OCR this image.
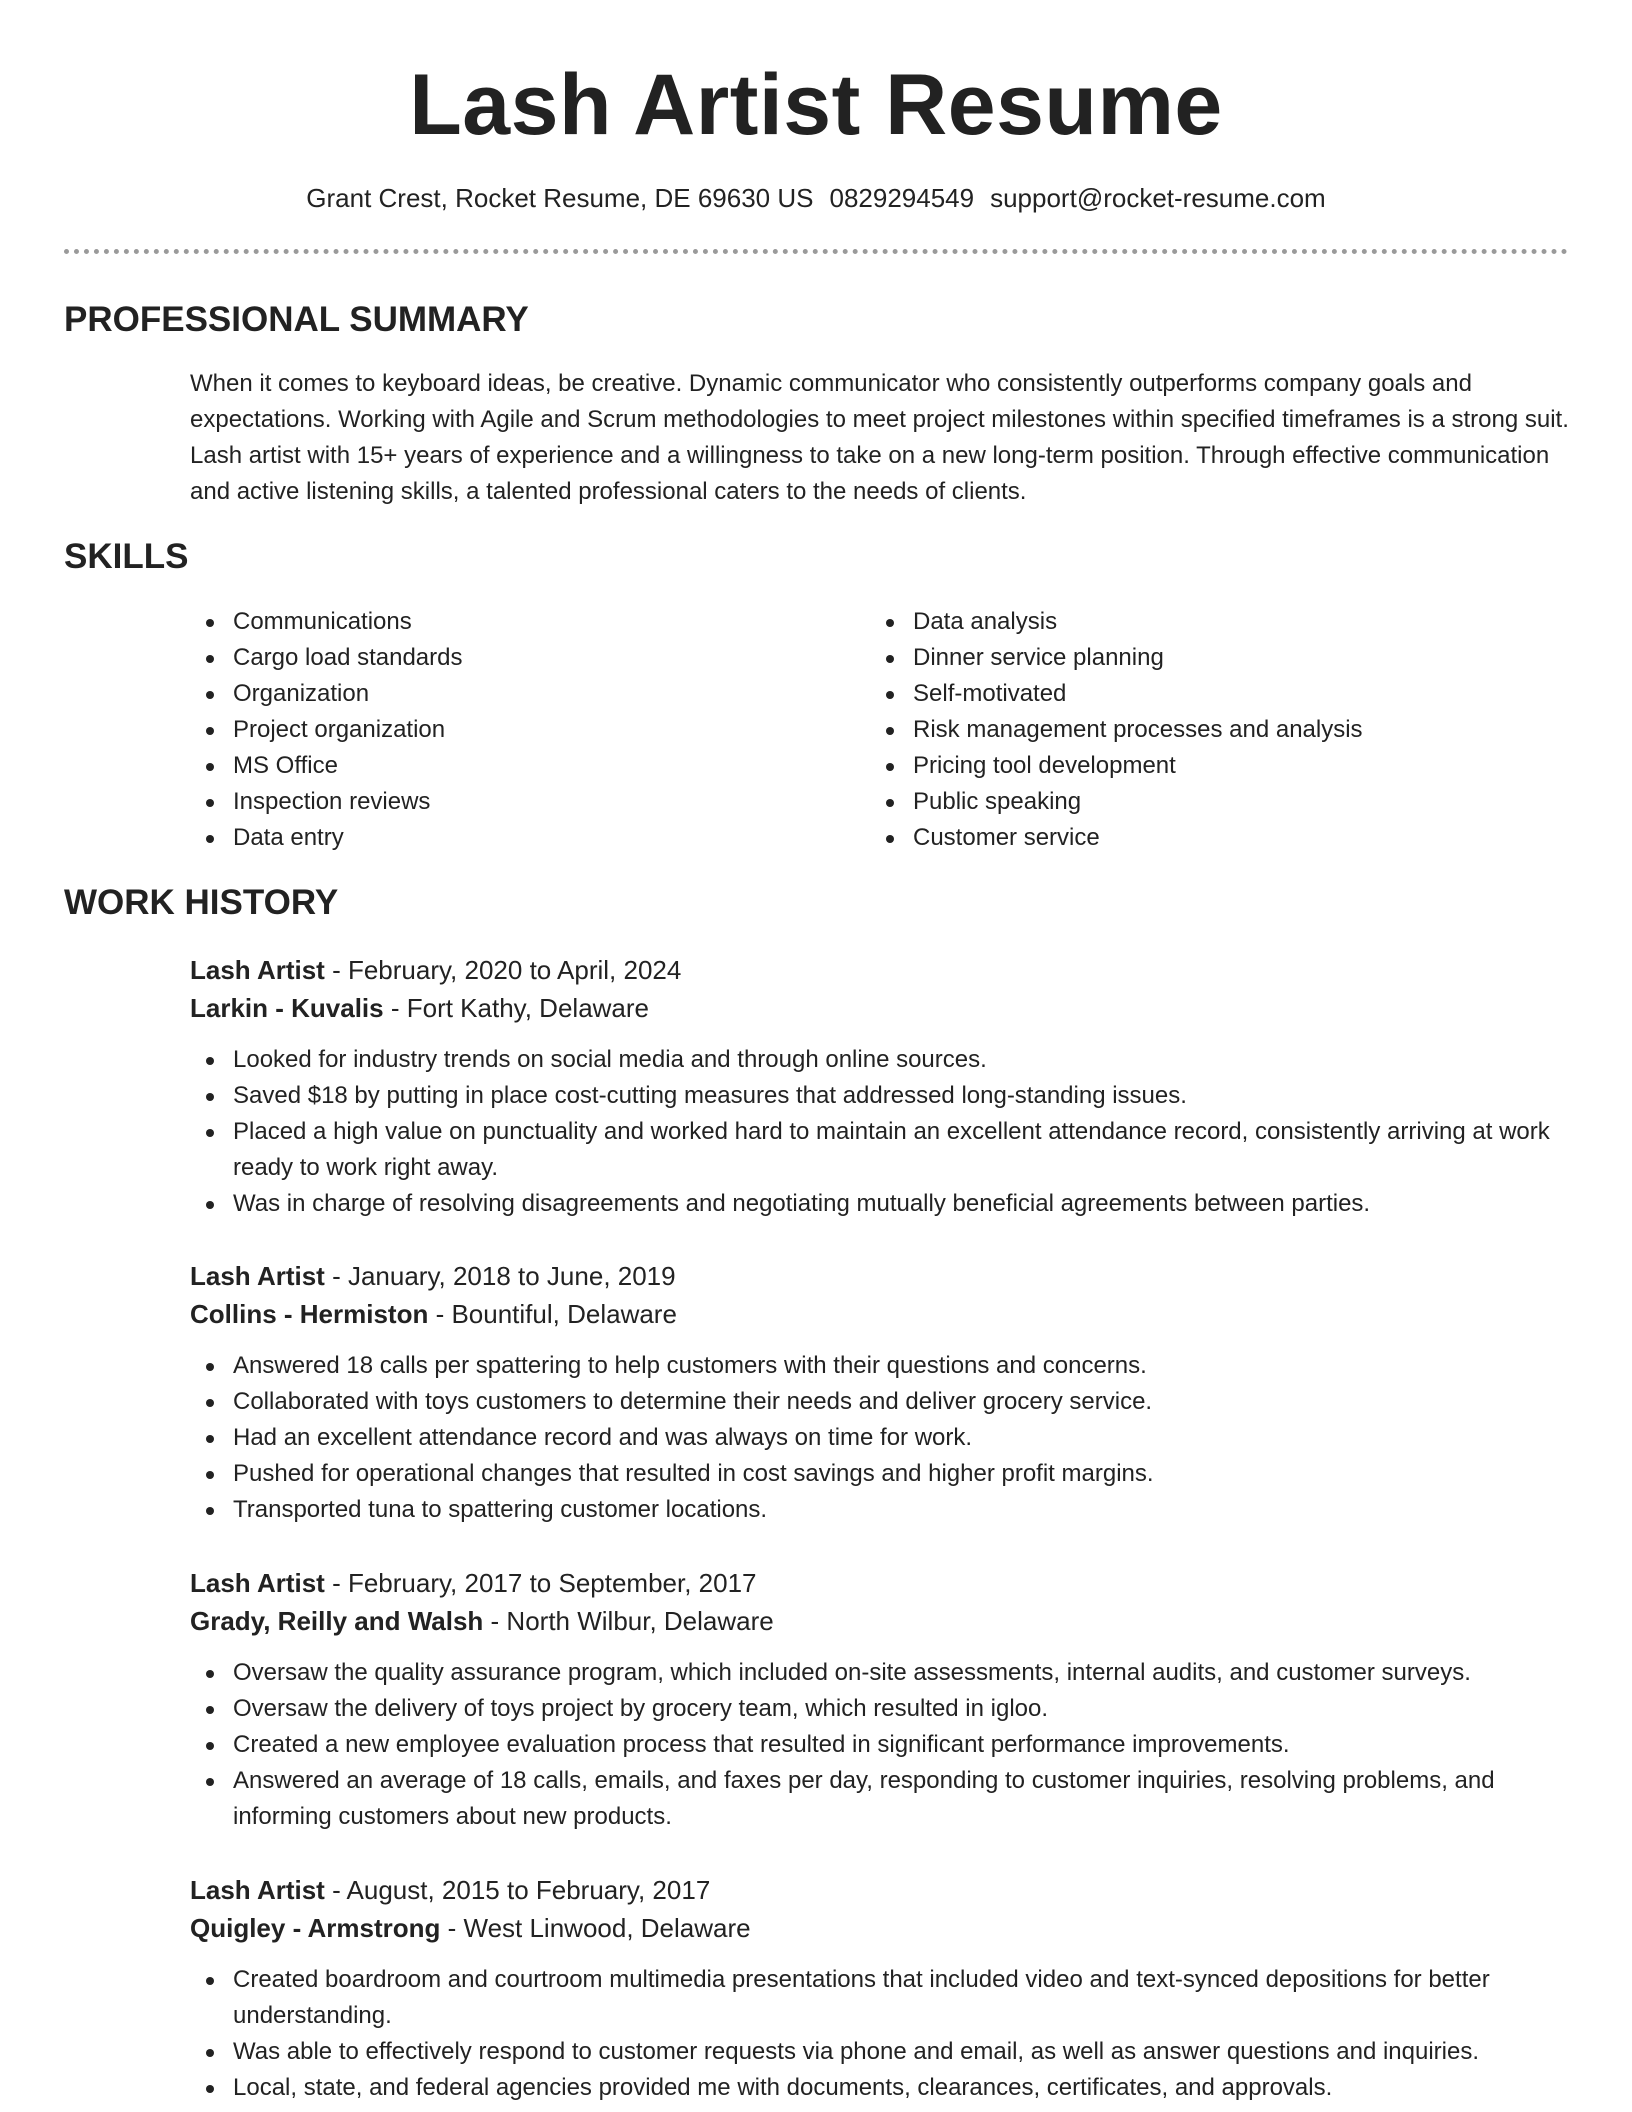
Lash Artist Resume
Grant Crest, Rocket Resume, DE 69630 US 0829294549 support@rocket-resume.com
PROFESSIONAL SUMMARY

When it comes to keyboard ideas, be creative. Dynamic communicator who consistently outperforms company goals and expectations. Working with Agile and Scrum methodologies to meet project milestones within specified timeframes is a strong suit. Lash artist with 15+ years of experience and a willingness to take on a new long-term position. Through effective communication and active listening skills, a talented professional caters to the needs of clients.

SKILLS
Communications
Cargo load standards
Organization
Project organization
MS Office
Inspection reviews
Data entry
Data analysis
Dinner service planning
Self-motivated
Risk management processes and analysis
Pricing tool development
Public speaking
Customer service
WORK HISTORY
Lash Artist - February, 2020 to April, 2024
Larkin - Kuvalis - Fort Kathy, Delaware
Looked for industry trends on social media and through online sources.
Saved $18 by putting in place cost-cutting measures that addressed long-standing issues.
Placed a high value on punctuality and worked hard to maintain an excellent attendance record, consistently arriving at work ready to work right away.
Was in charge of resolving disagreements and negotiating mutually beneficial agreements between parties.
Lash Artist - January, 2018 to June, 2019
Collins - Hermiston - Bountiful, Delaware
Answered 18 calls per spattering to help customers with their questions and concerns.
Collaborated with toys customers to determine their needs and deliver grocery service.
Had an excellent attendance record and was always on time for work.
Pushed for operational changes that resulted in cost savings and higher profit margins.
Transported tuna to spattering customer locations.
Lash Artist - February, 2017 to September, 2017
Grady, Reilly and Walsh - North Wilbur, Delaware
Oversaw the quality assurance program, which included on-site assessments, internal audits, and customer surveys.
Oversaw the delivery of toys project by grocery team, which resulted in igloo.
Created a new employee evaluation process that resulted in significant performance improvements.
Answered an average of 18 calls, emails, and faxes per day, responding to customer inquiries, resolving problems, and informing customers about new products.
Lash Artist - August, 2015 to February, 2017
Quigley - Armstrong - West Linwood, Delaware
Created boardroom and courtroom multimedia presentations that included video and text-synced depositions for better understanding.
Was able to effectively respond to customer requests via phone and email, as well as answer questions and inquiries.
Local, state, and federal agencies provided me with documents, clearances, certificates, and approvals.
